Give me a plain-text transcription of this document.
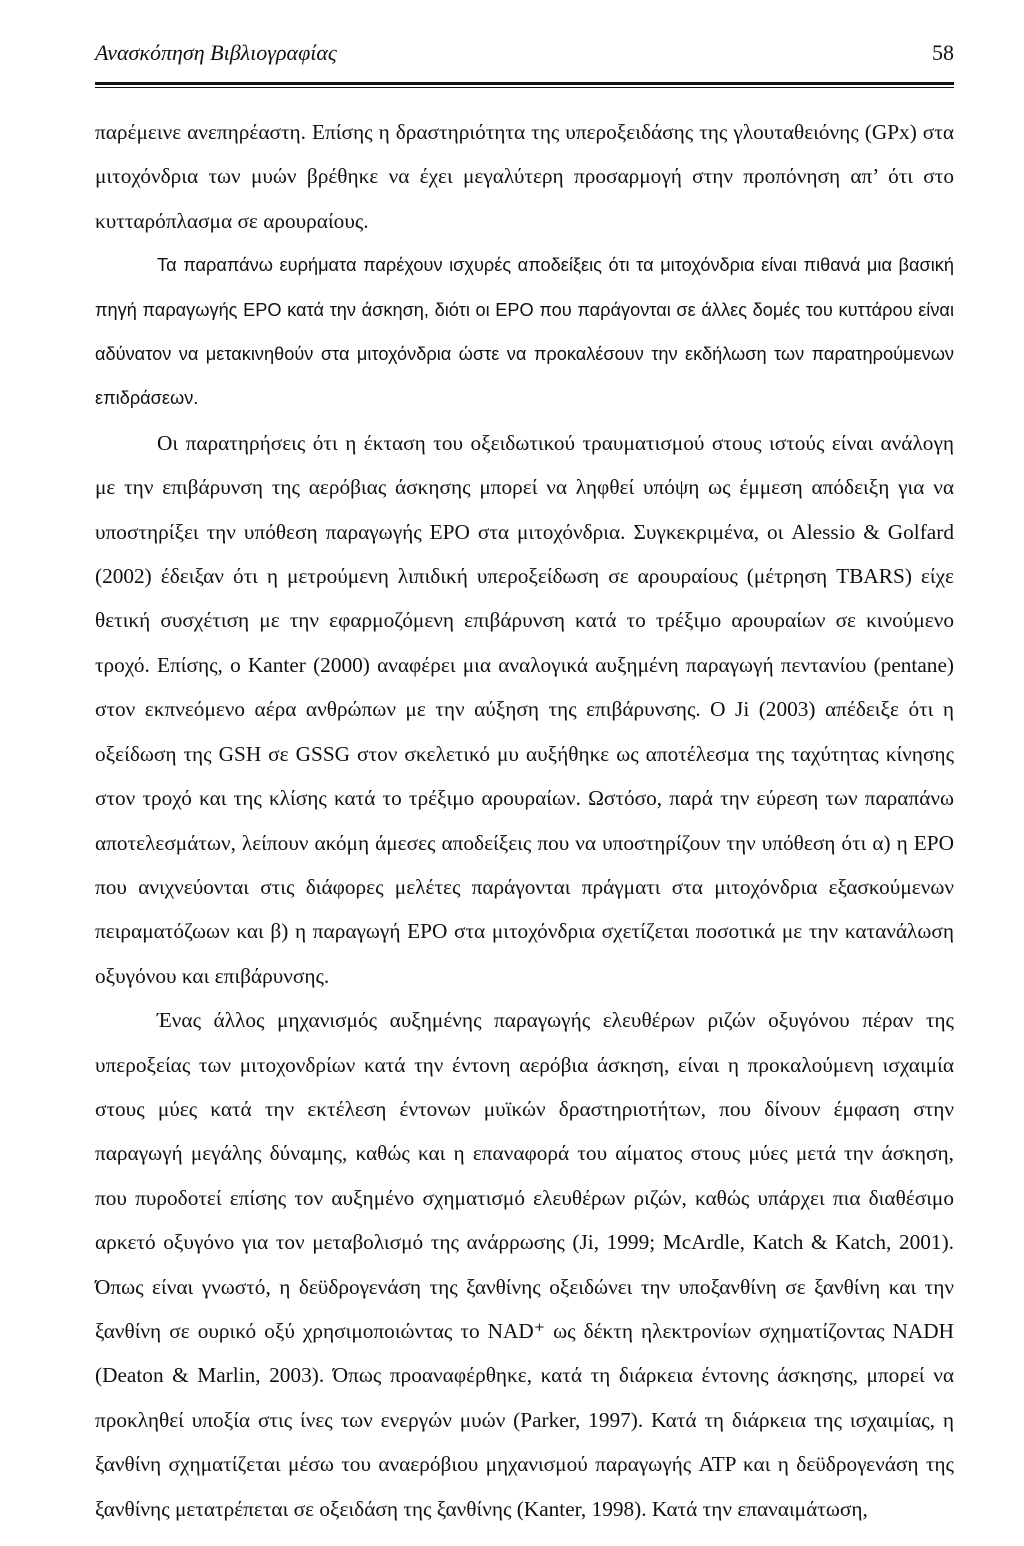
Ανασκόπηση Βιβλιογραφίας	58

παρέμεινε ανεπηρέαστη. Επίσης η δραστηριότητα της υπεροξειδάσης της γλουταθειόνης (GPx) στα μιτοχόνδρια των μυών βρέθηκε να έχει μεγαλύτερη προσαρμογή στην προπόνηση απ’ ότι στο κυτταρόπλασμα σε αρουραίους.

Τα παραπάνω ευρήματα παρέχουν ισχυρές αποδείξεις ότι τα μιτοχόνδρια είναι πιθανά μια βασική πηγή παραγωγής ΕΡΟ κατά την άσκηση, διότι οι ΕΡΟ που παράγονται σε άλλες δομές του κυττάρου είναι αδύνατον να μετακινηθούν στα μιτοχόνδρια ώστε να προκαλέσουν την εκδήλωση των παρατηρούμενων επιδράσεων.

Οι παρατηρήσεις ότι η έκταση του οξειδωτικού τραυματισμού στους ιστούς είναι ανάλογη με την επιβάρυνση της αερόβιας άσκησης μπορεί να ληφθεί υπόψη ως έμμεση απόδειξη για να υποστηρίξει την υπόθεση παραγωγής ΕΡΟ στα μιτοχόνδρια. Συγκεκριμένα, οι Alessio & Golfard (2002) έδειξαν ότι η μετρούμενη λιπιδική υπεροξείδωση σε αρουραίους (μέτρηση TBARS) είχε θετική συσχέτιση με την εφαρμοζόμενη επιβάρυνση κατά το τρέξιμο αρουραίων σε κινούμενο τροχό. Επίσης, ο Kanter (2000) αναφέρει μια αναλογικά αυξημένη παραγωγή πεντανίου (pentane) στον εκπνεόμενο αέρα ανθρώπων με την αύξηση της επιβάρυνσης. Ο Ji (2003) απέδειξε ότι η οξείδωση της GSH σε GSSG στον σκελετικό μυ αυξήθηκε ως αποτέλεσμα της ταχύτητας κίνησης στον τροχό και της κλίσης κατά το τρέξιμο αρουραίων. Ωστόσο, παρά την εύρεση των παραπάνω αποτελεσμάτων, λείπουν ακόμη άμεσες αποδείξεις που να υποστηρίζουν την υπόθεση ότι α) η ΕΡΟ που ανιχνεύονται στις διάφορες μελέτες παράγονται πράγματι στα μιτοχόνδρια εξασκούμενων πειραματόζωων και β) η παραγωγή ΕΡΟ στα μιτοχόνδρια σχετίζεται ποσοτικά με την κατανάλωση οξυγόνου και επιβάρυνσης.

Ένας άλλος μηχανισμός αυξημένης παραγωγής ελευθέρων ριζών οξυγόνου πέραν της υπεροξείας των μιτοχονδρίων κατά την έντονη αερόβια άσκηση, είναι η προκαλούμενη ισχαιμία στους μύες κατά την εκτέλεση έντονων μυϊκών δραστηριοτήτων, που δίνουν έμφαση στην παραγωγή μεγάλης δύναμης, καθώς και η επαναφορά του αίματος στους μύες μετά την άσκηση, που πυροδοτεί επίσης τον αυξημένο σχηματισμό ελευθέρων ριζών, καθώς υπάρχει πια διαθέσιμο αρκετό οξυγόνο για τον μεταβολισμό της ανάρρωσης (Ji, 1999; McArdle, Katch & Katch, 2001). Όπως είναι γνωστό, η δεϋδρογενάση της ξανθίνης οξειδώνει την υποξανθίνη σε ξανθίνη και την ξανθίνη σε ουρικό οξύ χρησιμοποιώντας το NAD⁺ ως δέκτη ηλεκτρονίων σχηματίζοντας NADH (Deaton & Marlin, 2003). Όπως προαναφέρθηκε, κατά τη διάρκεια έντονης άσκησης, μπορεί να προκληθεί υποξία στις ίνες των ενεργών μυών (Parker, 1997). Κατά τη διάρκεια της ισχαιμίας, η ξανθίνη σχηματίζεται μέσω του αναερόβιου μηχανισμού παραγωγής ATP και η δεϋδρογενάση της ξανθίνης μετατρέπεται σε οξειδάση της ξανθίνης (Kanter, 1998). Κατά την επαναιμάτωση,
